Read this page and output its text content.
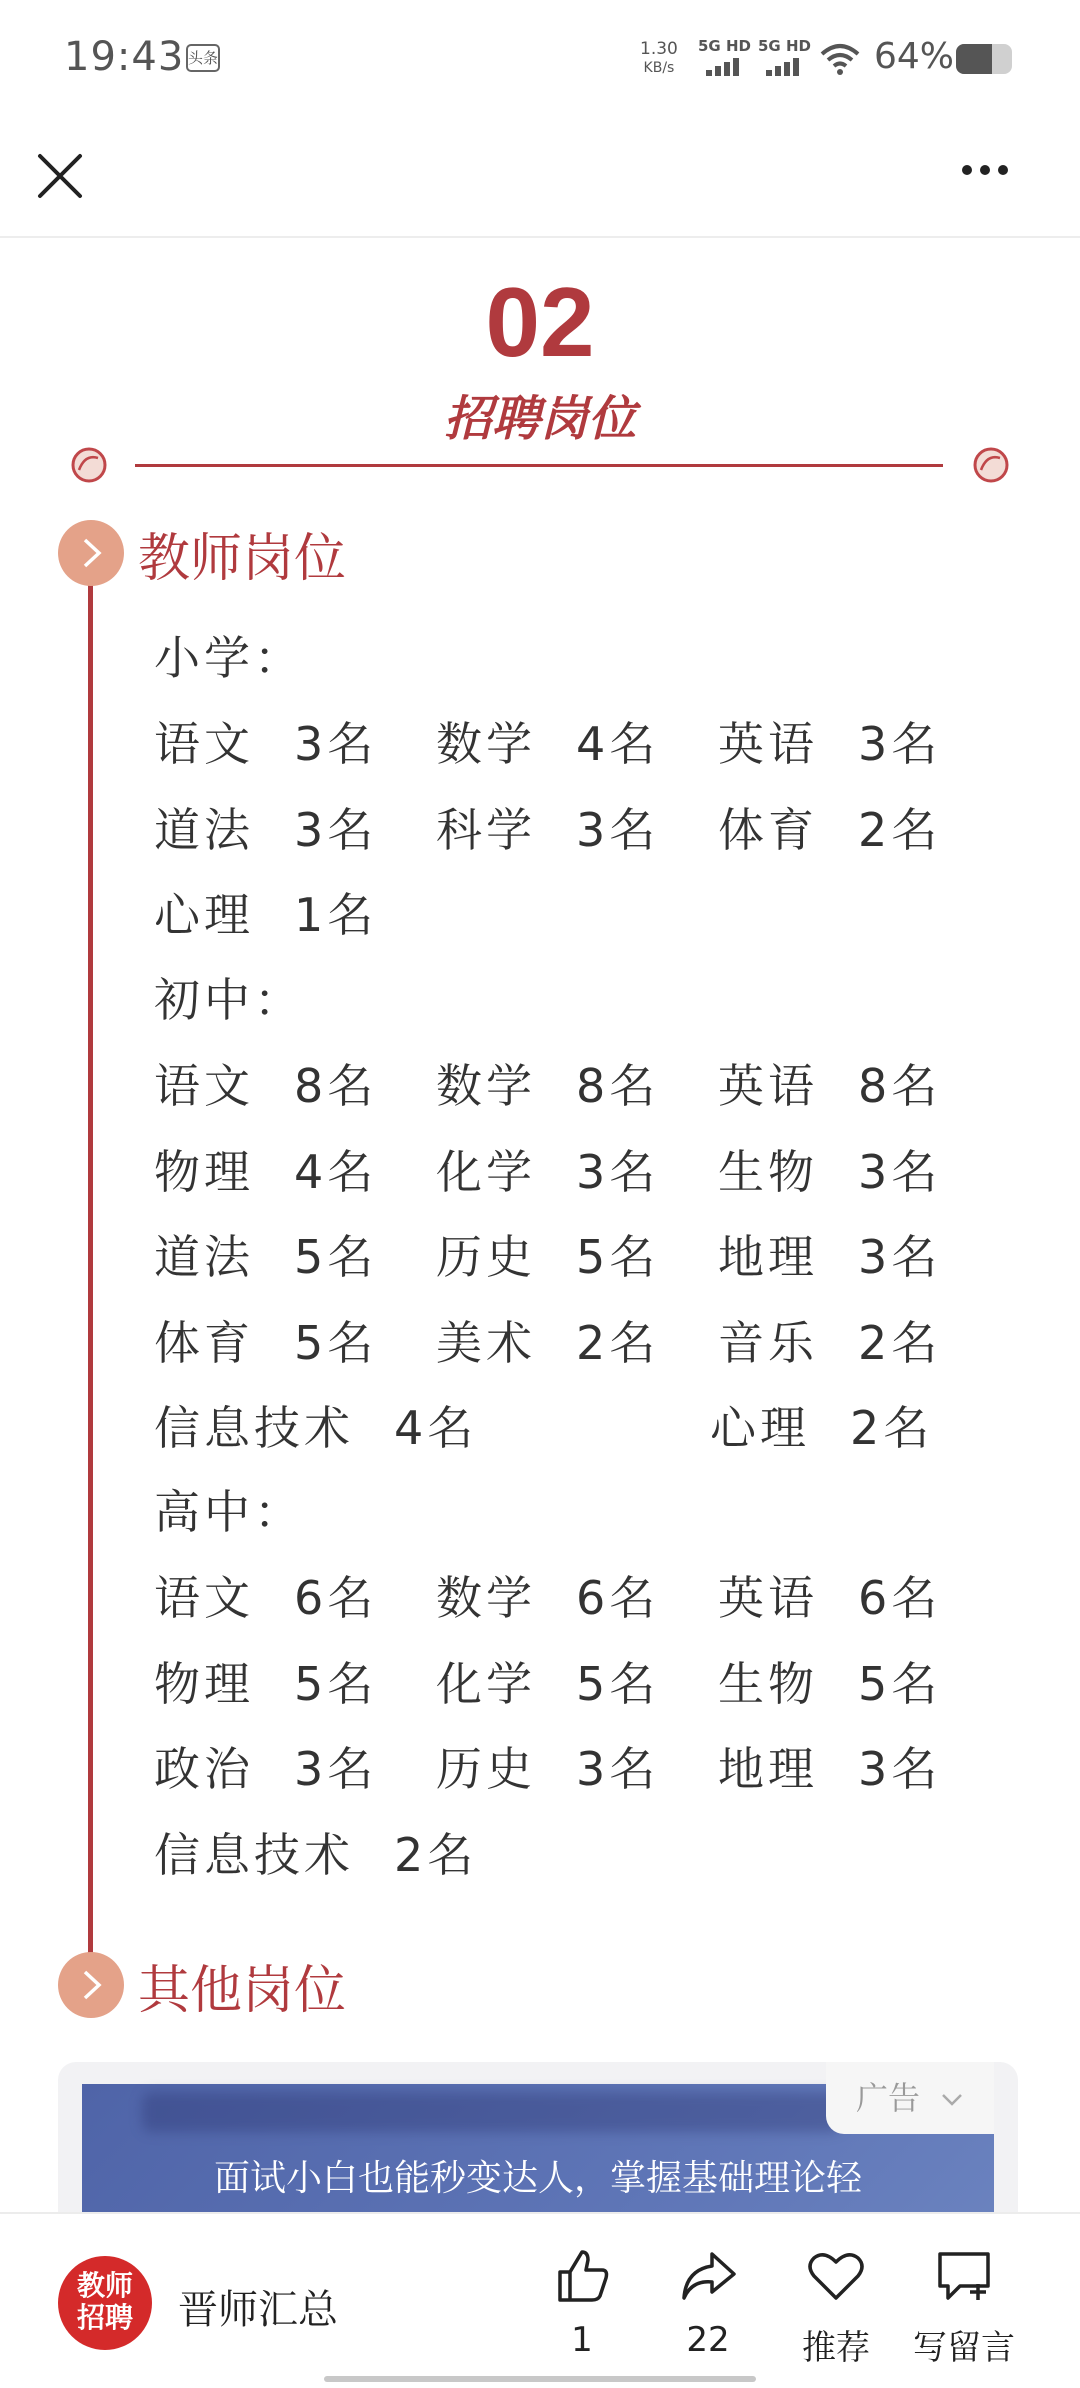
19:43 头条	1.30
KB/s
5G HD 5G HD 64%
02
招聘岗位
教师岗位
小学：
语文 3名 数学 4名 英语 3名
道法 3名 科学 3名 体育 2名
心理 1名
初中：
语文 8名 数学 8名 英语 8名
物理 4名 化学 3名 生物 3名
道法 5名 历史 5名 地理 3名
体育 5名 美术 2名 音乐 2名
信息技术 4名	心理 2名
高中：
语文 6名 数学 6名 英语 6名
物理 5名 化学 5名 生物 5名
政治 3名 历史 3名 地理 3名
信息技术 2名
其他岗位
面试小白也能秒变达人，掌握基础理论轻
广告
教师
招聘	晋师汇总
1	22	推荐	写留言
